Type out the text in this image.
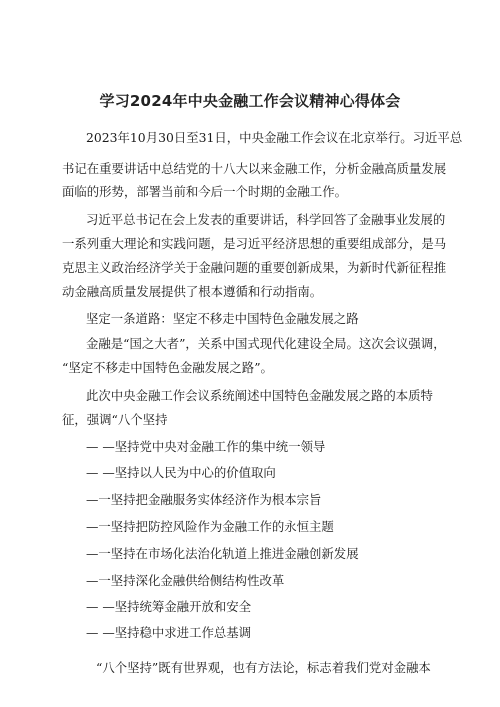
学习2024年中央金融工作会议精神心得体会
2023年10月30日至31日，中央金融工作会议在北京举行。习近平总
书记在重要讲话中总结党的十八大以来金融工作，分析金融高质量发展
面临的形势，部署当前和今后一个时期的金融工作。
习近平总书记在会上发表的重要讲话，科学回答了金融事业发展的
一系列重大理论和实践问题，是习近平经济思想的重要组成部分，是马
克思主义政治经济学关于金融问题的重要创新成果，为新时代新征程推
动金融高质量发展提供了根本遵循和行动指南。
坚定一条道路：坚定不移走中国特色金融发展之路
金融是“国之大者”，关系中国式现代化建设全局。这次会议强调，
“坚定不移走中国特色金融发展之路”。
此次中央金融工作会议系统阐述中国特色金融发展之路的本质特
征，强调“八个坚持
— —坚持党中央对金融工作的集中统一领导
— —坚持以人民为中心的价值取向
—一坚持把金融服务实体经济作为根本宗旨
—一坚持把防控风险作为金融工作的永恒主题
—一坚持在市场化法治化轨道上推进金融创新发展
—一坚持深化金融供给侧结构性改革
— —坚持统筹金融开放和安全
— —坚持稳中求进工作总基调
“八个坚持”既有世界观，也有方法论，标志着我们党对金融本
